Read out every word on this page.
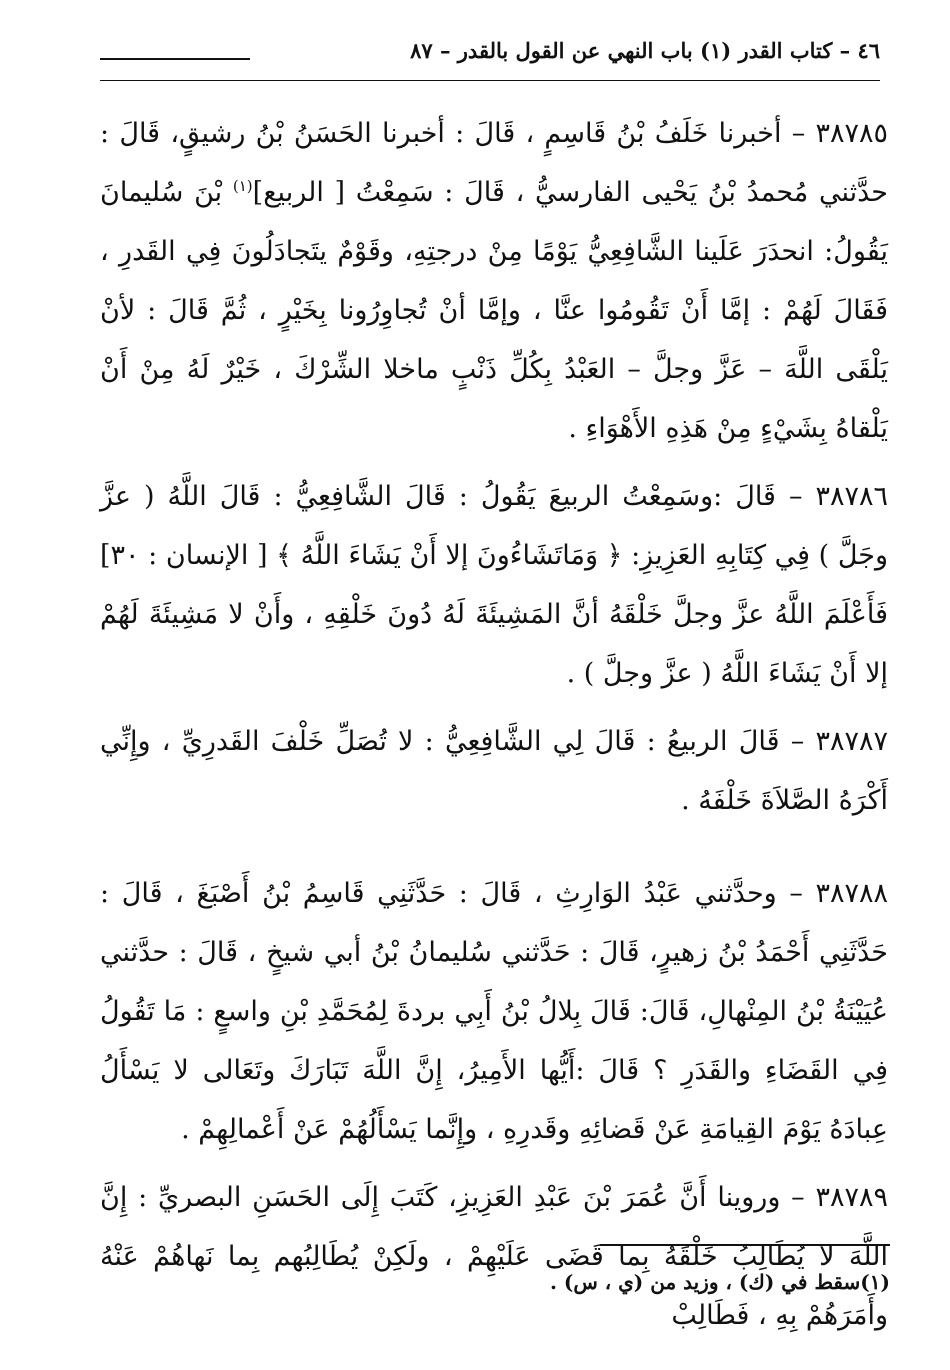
٤٦ – كتاب القدر (١) باب النهي عن القول بالقدر – ٨٧

٣٨٧٨٥ – أخبرنا خَلَفُ بْنُ قَاسِمٍ ، قَالَ : أخبرنا الحَسَنُ بْنُ رشيقٍ، قَالَ : حدَّثني مُحمدُ بْنُ يَحْيى الفارسيُّ ، قَالَ : سَمِعْتُ [ الربيع]$^{(١)}$ بْنَ سُليمانَ يَقُولُ: انحدَرَ عَلَينا الشَّافِعِيُّ يَوْمًا مِنْ درجتِهِ، وقَوْمٌ يتَجادَلُونَ فِي القَدرِ ، فَقَالَ لَهُمْ : إمَّا أَنْ تَقُومُوا عنَّا ، وإمَّا أنْ تُجاوِرُونا بِخَيْرٍ ، ثُمَّ قَالَ : لأنْ يَلْقَى اللَّهَ – عَزَّ وجلَّ – العَبْدُ بِكُلِّ ذَنْبٍ ماخلا الشِّرْكَ ، خَيْرٌ لَهُ مِنْ أَنْ يَلْقاهُ بِشَيْءٍ مِنْ هَذِهِ الأَهْوَاءِ .

٣٨٧٨٦ – قَالَ :وسَمِعْتُ الربيعَ يَقُولُ : قَالَ الشَّافِعِيُّ : قَالَ اللَّهُ ( عزَّ وجَلَّ ) فِي كِتَابِهِ العَزِيزِ: ﴿ وَمَاتَشَاءُونَ إلا أَنْ يَشَاءَ اللَّهُ ﴾ [ الإنسان : ٣٠] فَأَعْلَمَ اللَّهُ عزَّ وجلَّ خَلْقَهُ أنَّ المَشِيئَةَ لَهُ دُونَ خَلْقِهِ ، وأَنْ لا مَشِيئَةَ لَهُمْ إلا أَنْ يَشَاءَ اللَّهُ ( عزَّ وجلَّ ) .

٣٨٧٨٧ – قَالَ الربيعُ : قَالَ لِي الشَّافِعِيُّ : لا تُصَلِّ خَلْفَ القَدرِيِّ ، وإِنِّي أَكْرَهُ الصَّلاَةَ خَلْفَهُ .

٣٨٧٨٨ – وحدَّثني عَبْدُ الوَارِثِ ، قَالَ : حَدَّثَنِي قَاسِمُ بْنُ أَصْبَغَ ، قَالَ : حَدَّثَنِي أَحْمَدُ بْنُ زهيرٍ، قَالَ : حَدَّثني سُليمانُ بْنُ أبي شيخٍ ، قَالَ : حدَّثني عُيَيْنَةُ بْنُ المِنْهالِ، قَالَ: قَالَ بِلالُ بْنُ أَبِي بردةَ لِمُحَمَّدِ بْنِ واسعٍ : مَا تَقُولُ فِي القَضَاءِ والقَدَرِ ؟ قَالَ :أَيُّها الأَمِيرُ، إِنَّ اللَّهَ تَبَارَكَ وتَعَالى لا يَسْأَلُ عِبادَهُ يَوْمَ القِيامَةِ عَنْ قَضائِهِ وقَدرِهِ ، وإِنَّما يَسْأَلُهُمْ عَنْ أَعْمالِهِمْ .

٣٨٧٨٩ – وروينا أَنَّ عُمَرَ بْنَ عَبْدِ العَزِيزِ، كَتَبَ إِلَى الحَسَنِ البصريِّ : إِنَّ اللَّهَ لا يُطَالِبُ خَلْقَهُ بِما قَضَى عَلَيْهِمْ ، ولَكِنْ يُطَالِبُهم بِما نَهاهُمْ عَنْهُ وأَمَرَهُمْ بِهِ ، فَطَالِبْ

(١)سقط في (ك) ، وزيد من (ي ، س) .
